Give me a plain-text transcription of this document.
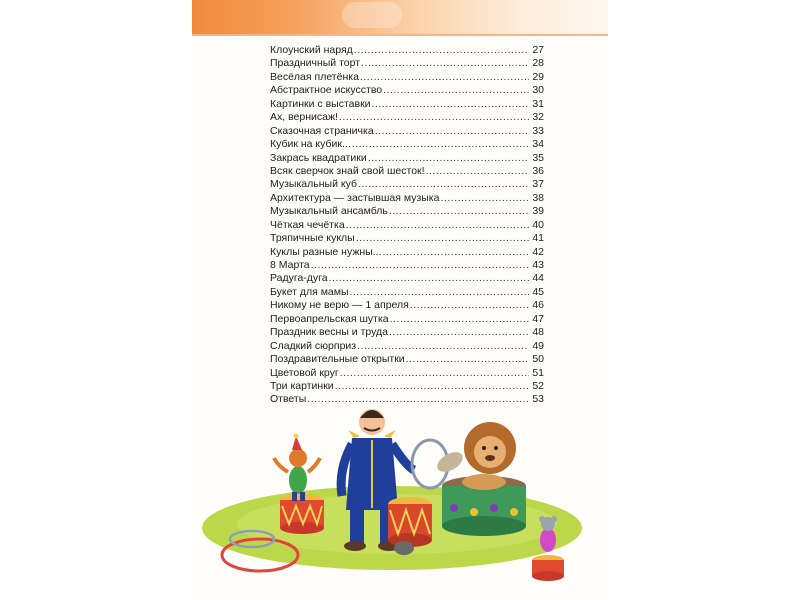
Клоунский наряд .....	27
Праздничный торт .....	28
Весёлая плетёнка .....	29
Абстрактное искусство .....	30
Картинки с выставки .....	31
Ах, вернисаж! .....	32
Сказочная страничка .....	33
Кубик на кубик... .....	34
Закрась квадратики .....	35
Всяк сверчок знай свой шесток! .....	36
Музыкальный куб .....	37
Архитектура — застывшая музыка .....	38
Музыкальный ансамбль .....	39
Чёткая чечётка .....	40
Тряпичные куклы .....	41
Куклы разные нужны... .....	42
8 Марта .....	43
Радуга-дуга .....	44
Букет для мамы .....	45
Никому не верю — 1 апреля .....	46
Первоапрельская шутка .....	47
Праздник весны и труда .....	48
Сладкий сюрприз .....	49
Поздравительные открытки .....	50
Цветовой круг .....	51
Три картинки .....	52
Ответы .....	53
